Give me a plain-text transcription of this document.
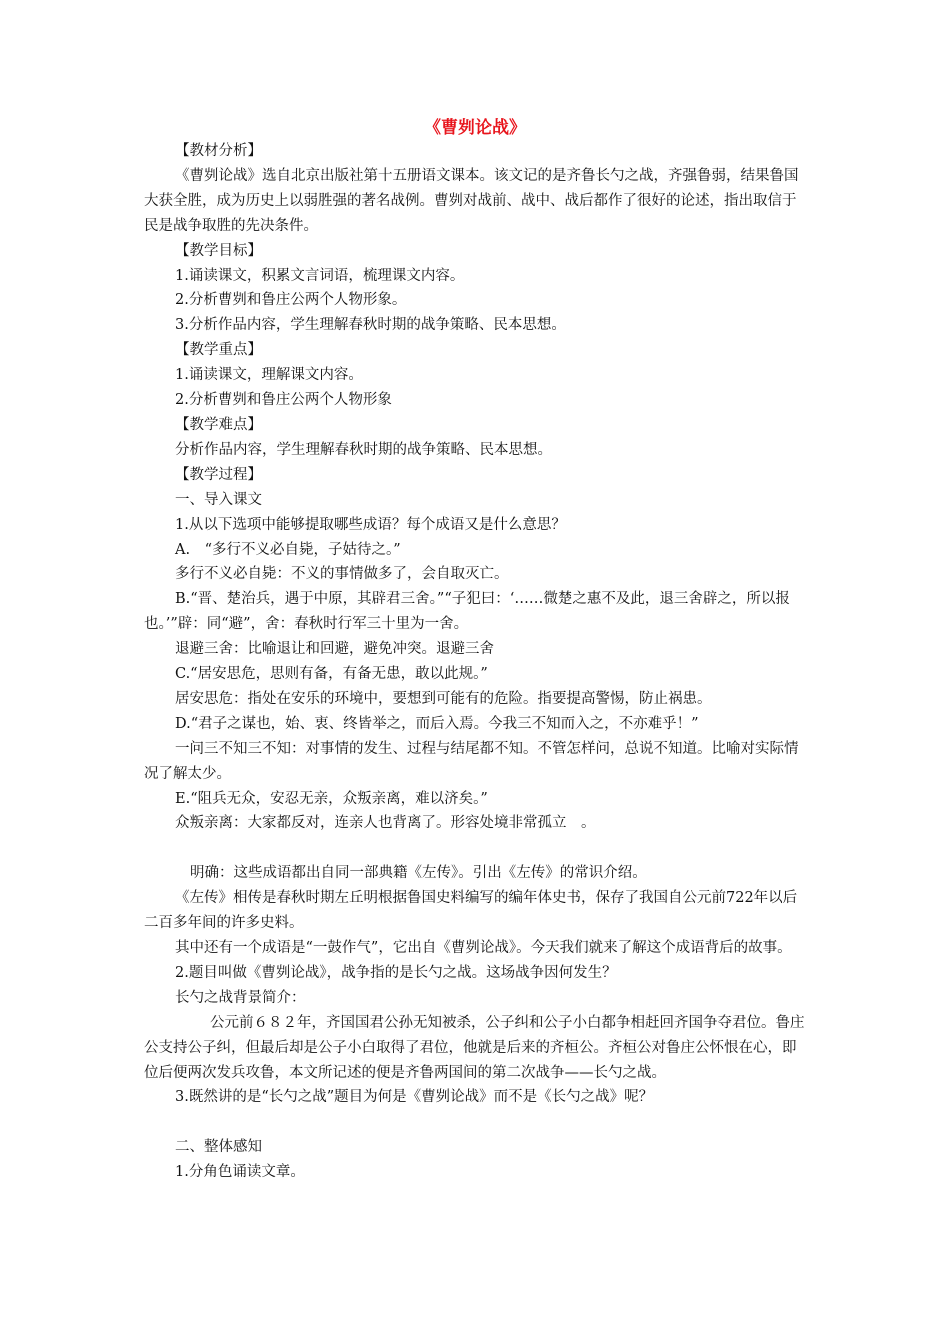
《曹刿论战》

【教材分析】

《曹刿论战》选自北京出版社第十五册语文课本。该文记的是齐鲁长勺之战，齐强鲁弱，结果鲁国大获全胜，成为历史上以弱胜强的著名战例。曹刿对战前、战中、战后都作了很好的论述，指出取信于民是战争取胜的先决条件。

【教学目标】

1.诵读课文，积累文言词语，梳理课文内容。

2.分析曹刿和鲁庄公两个人物形象。

3.分析作品内容，学生理解春秋时期的战争策略、民本思想。

【教学重点】

1.诵读课文，理解课文内容。

2.分析曹刿和鲁庄公两个人物形象

【教学难点】

分析作品内容，学生理解春秋时期的战争策略、民本思想。

【教学过程】

一、导入课文

1.从以下选项中能够提取哪些成语？每个成语又是什么意思？

A.　“多行不义必自毙，子姑待之。”

多行不义必自毙：不义的事情做多了，会自取灭亡。

B.“晋、楚治兵，遇于中原，其辟君三舍。”“子犯曰：‘……微楚之惠不及此，退三舍辟之，所以报也。’”辟：同“避”，舍：春秋时行军三十里为一舍。

退避三舍：比喻退让和回避，避免冲突。退避三舍

C.“居安思危，思则有备，有备无患，敢以此规。”

居安思危：指处在安乐的环境中，要想到可能有的危险。指要提高警惕，防止祸患。

D.“君子之谋也，始、衷、终皆举之，而后入焉。今我三不知而入之，不亦难乎！”

一问三不知三不知：对事情的发生、过程与结尾都不知。不管怎样问，总说不知道。比喻对实际情况了解太少。

E.“阻兵无众，安忍无亲，众叛亲离，难以济矣。”

众叛亲离：大家都反对，连亲人也背离了。形容处境非常孤立　。

明确：这些成语都出自同一部典籍《左传》。引出《左传》的常识介绍。

《左传》相传是春秋时期左丘明根据鲁国史料编写的编年体史书，保存了我国自公元前722年以后二百多年间的许多史料。

其中还有一个成语是“一鼓作气”，它出自《曹刿论战》。今天我们就来了解这个成语背后的故事。

2.题目叫做《曹刿论战》，战争指的是长勺之战。这场战争因何发生？

长勺之战背景简介：

公元前６８２年，齐国国君公孙无知被杀，公子纠和公子小白都争相赶回齐国争夺君位。鲁庄公支持公子纠，但最后却是公子小白取得了君位，他就是后来的齐桓公。齐桓公对鲁庄公怀恨在心，即位后便两次发兵攻鲁，本文所记述的便是齐鲁两国间的第二次战争——长勺之战。

3.既然讲的是“长勺之战”题目为何是《曹刿论战》而不是《长勺之战》呢？

二、整体感知

1.分角色诵读文章。
